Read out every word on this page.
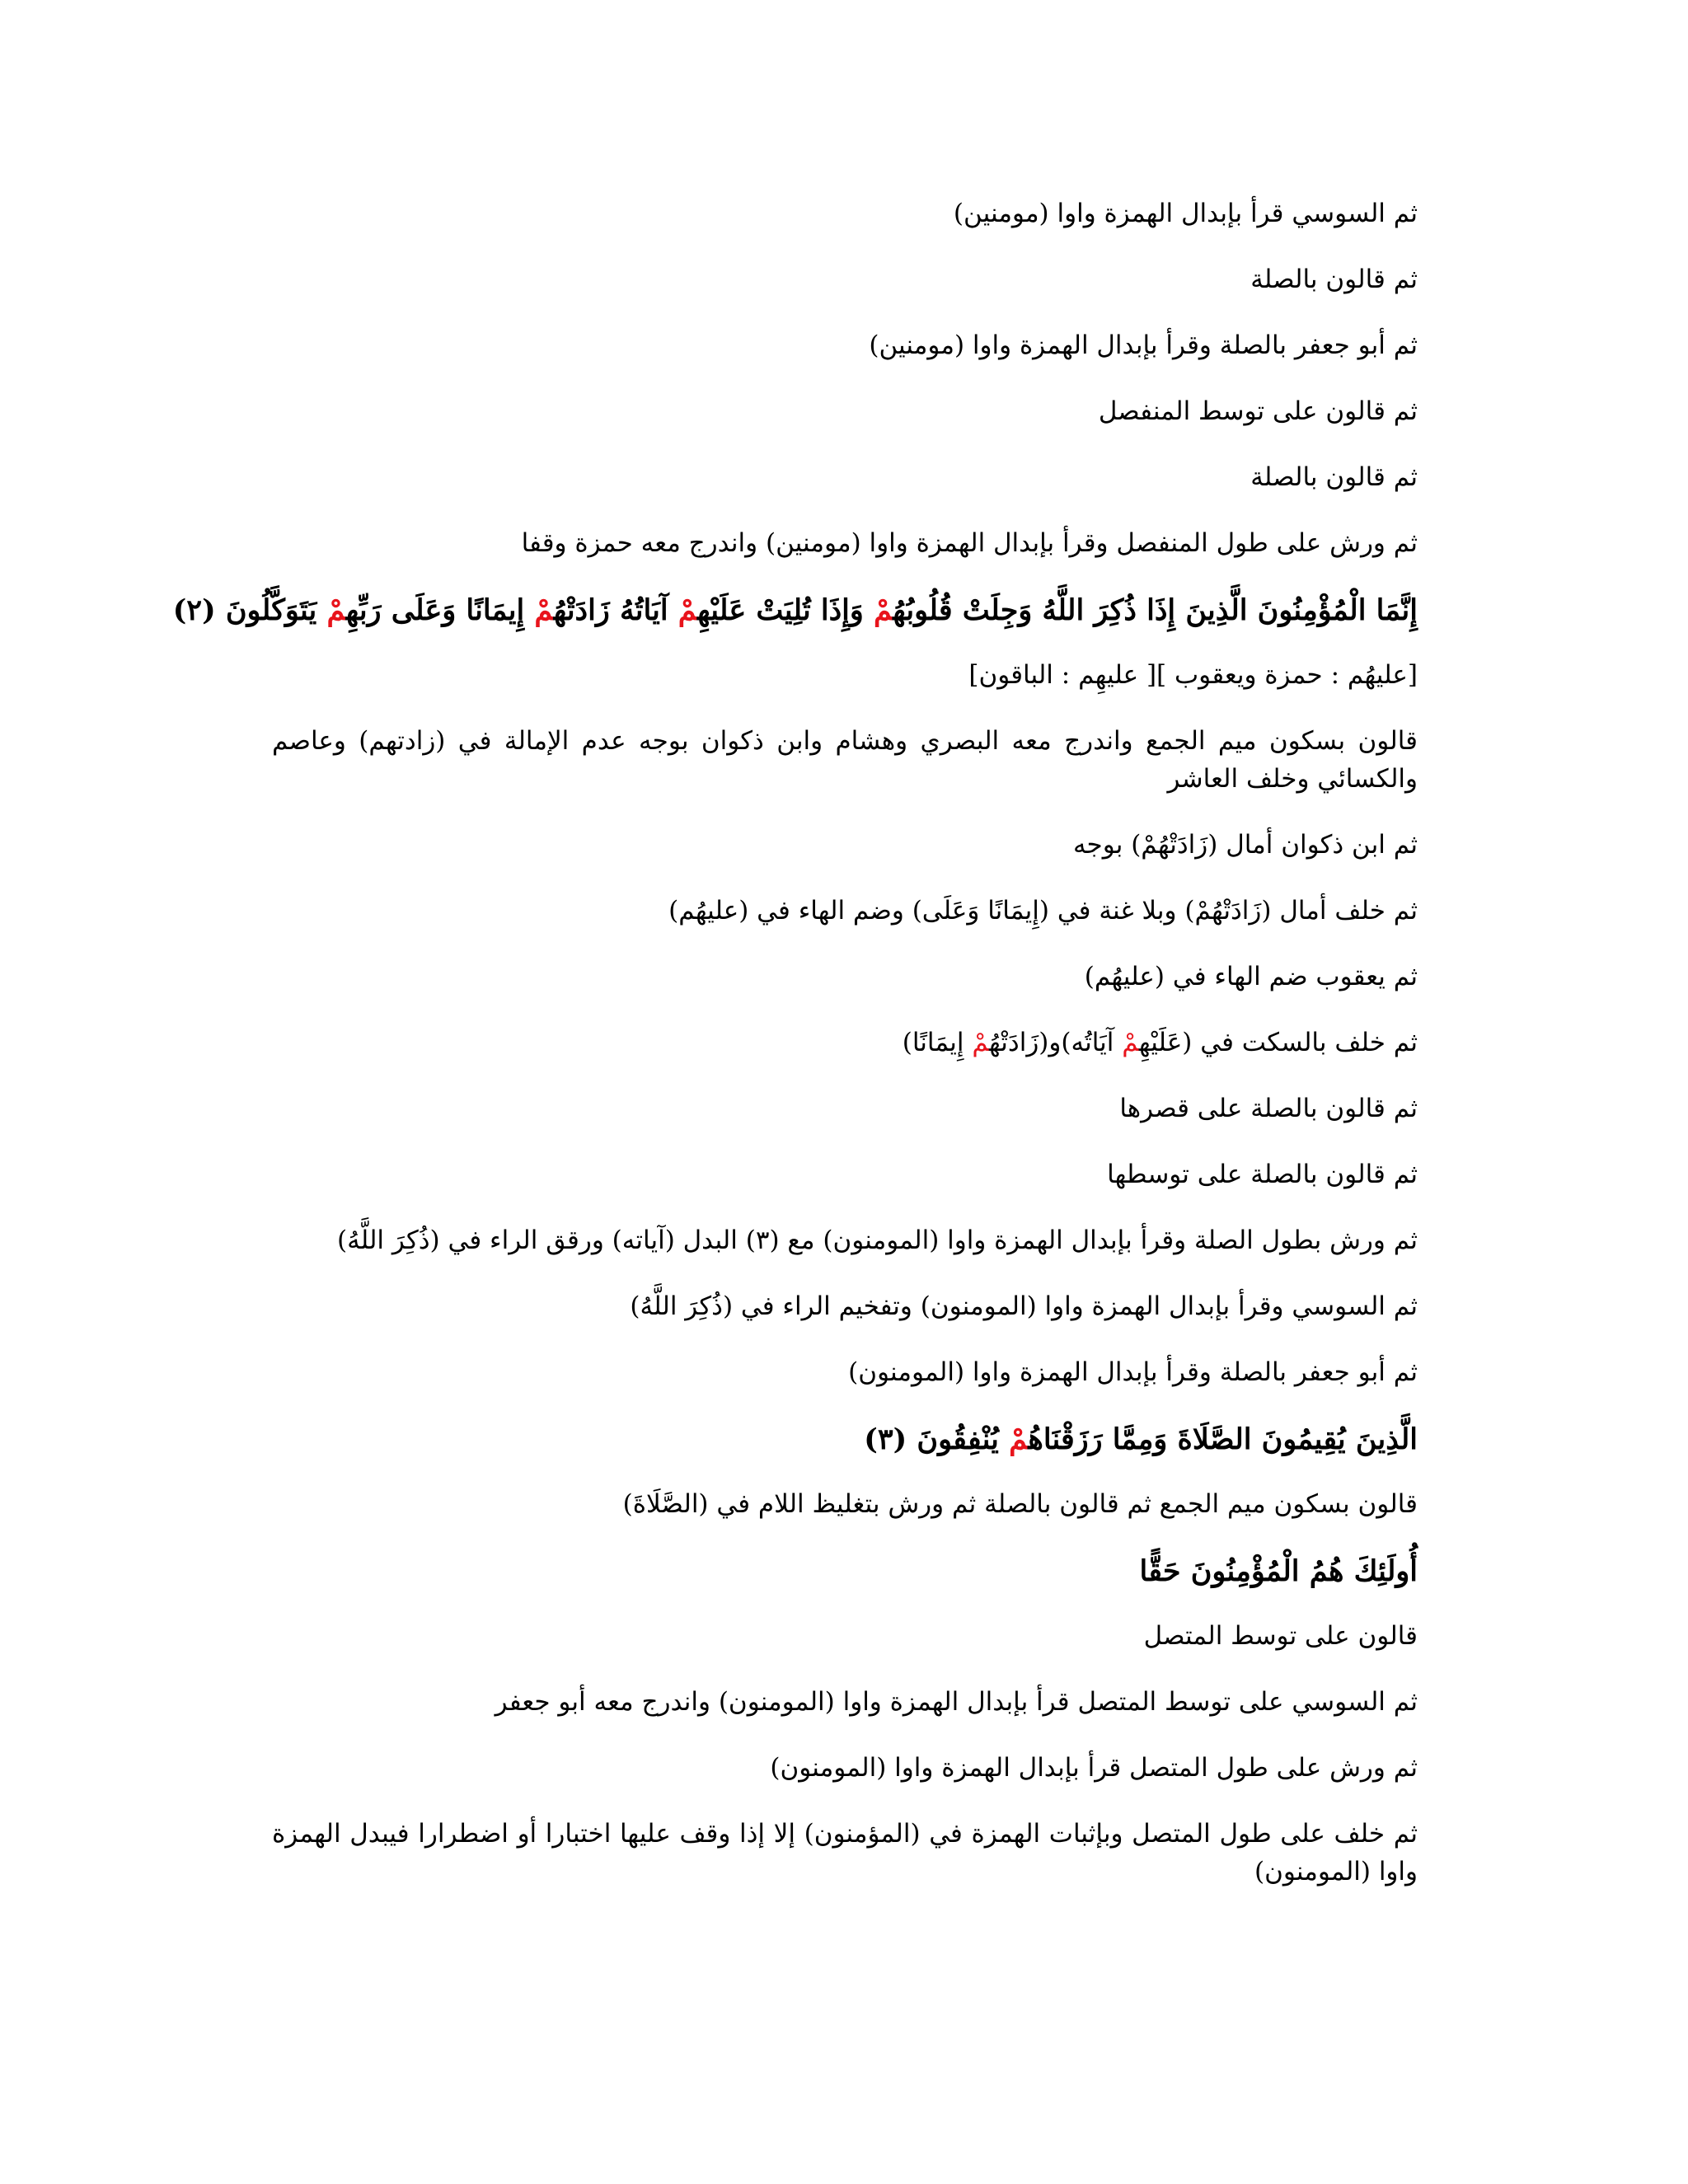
ثم السوسي قرأ بإبدال الهمزة واوا (مومنين)
ثم قالون بالصلة
ثم أبو جعفر بالصلة وقرأ بإبدال الهمزة واوا (مومنين)
ثم قالون على توسط المنفصل
ثم قالون بالصلة
ثم ورش على طول المنفصل وقرأ بإبدال الهمزة واوا (مومنين) واندرج معه حمزة وقفا
إِنَّمَا الْمُؤْمِنُونَ الَّذِينَ إِذَا ذُكِرَ اللَّهُ وَجِلَتْ قُلُوبُهُمْ وَإِذَا تُلِيَتْ عَلَيْهِمْ آيَاتُهُ زَادَتْهُمْ إِيمَانًا وَعَلَى رَبِّهِمْ يَتَوَكَّلُونَ (٢)
[عليهُم : حمزة ويعقوب ][ عليهِم : الباقون]
قالون بسكون ميم الجمع واندرج معه البصري وهشام وابن ذكوان بوجه عدم الإمالة في (زادتهم) وعاصم والكسائي وخلف العاشر
ثم ابن ذكوان أمال (زَادَتْهُمْ) بوجه
ثم خلف أمال (زَادَتْهُمْ) وبلا غنة في (إِيمَانًا وَعَلَى) وضم الهاء في (عليهُم)
ثم يعقوب ضم الهاء في (عليهُم)
ثم خلف بالسكت في (عَلَيْهِمْ آيَاتُه)و(زَادَتْهُمْ إِيمَانًا)
ثم قالون بالصلة على قصرها
ثم قالون بالصلة على توسطها
ثم ورش بطول الصلة وقرأ بإبدال الهمزة واوا (المومنون) مع (٣) البدل (آياته) ورقق الراء في (ذُكِرَ اللَّهُ)
ثم السوسي وقرأ بإبدال الهمزة واوا (المومنون) وتفخيم الراء في (ذُكِرَ اللَّهُ)
ثم أبو جعفر بالصلة وقرأ بإبدال الهمزة واوا (المومنون)
الَّذِينَ يُقِيمُونَ الصَّلَاةَ وَمِمَّا رَزَقْنَاهُمْ يُنْفِقُونَ (٣)
قالون بسكون ميم الجمع ثم قالون بالصلة ثم ورش بتغليظ اللام في (الصَّلَاةَ)
أُولَئِكَ هُمُ الْمُؤْمِنُونَ حَقًّا
قالون على توسط المتصل
ثم السوسي على توسط المتصل قرأ بإبدال الهمزة واوا (المومنون) واندرج معه أبو جعفر
ثم ورش على طول المتصل قرأ بإبدال الهمزة واوا (المومنون)
ثم خلف على طول المتصل وبإثبات الهمزة في (المؤمنون) إلا إذا وقف عليها اختبارا أو اضطرارا فيبدل الهمزة واوا (المومنون)
